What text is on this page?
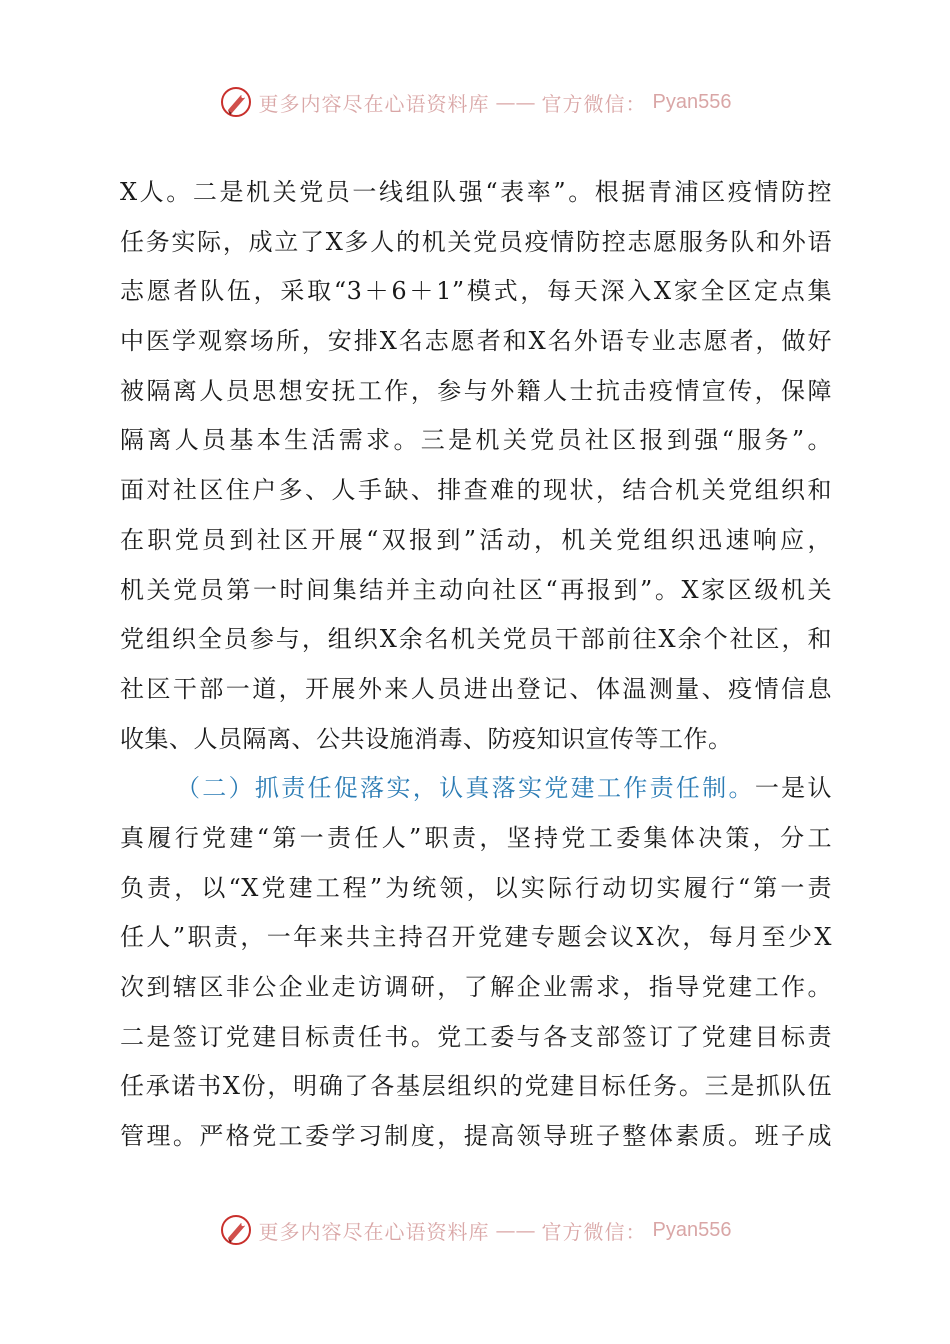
更多内容尽在心语资料库 —— 官方微信： Pyan556
X人。二是机关党员一线组队强“表率”。根据青浦区疫情防控
任务实际，成立了X多人的机关党员疫情防控志愿服务队和外语
志愿者队伍，采取“3＋6＋1”模式，每天深入X家全区定点集
中医学观察场所，安排X名志愿者和X名外语专业志愿者，做好
被隔离人员思想安抚工作，参与外籍人士抗击疫情宣传，保障
隔离人员基本生活需求。三是机关党员社区报到强“服务”。
面对社区住户多、人手缺、排查难的现状，结合机关党组织和
在职党员到社区开展“双报到”活动，机关党组织迅速响应，
机关党员第一时间集结并主动向社区“再报到”。X家区级机关
党组织全员参与，组织X余名机关党员干部前往X余个社区，和
社区干部一道，开展外来人员进出登记、体温测量、疫情信息
收集、人员隔离、公共设施消毒、防疫知识宣传等工作。
（二）抓责任促落实，认真落实党建工作责任制。一是认
真履行党建“第一责任人”职责，坚持党工委集体决策，分工
负责，以“X党建工程”为统领，以实际行动切实履行“第一责
任人”职责，一年来共主持召开党建专题会议X次，每月至少X
次到辖区非公企业走访调研，了解企业需求，指导党建工作。
二是签订党建目标责任书。党工委与各支部签订了党建目标责
任承诺书X份，明确了各基层组织的党建目标任务。三是抓队伍
管理。严格党工委学习制度，提高领导班子整体素质。班子成
更多内容尽在心语资料库 —— 官方微信： Pyan556
